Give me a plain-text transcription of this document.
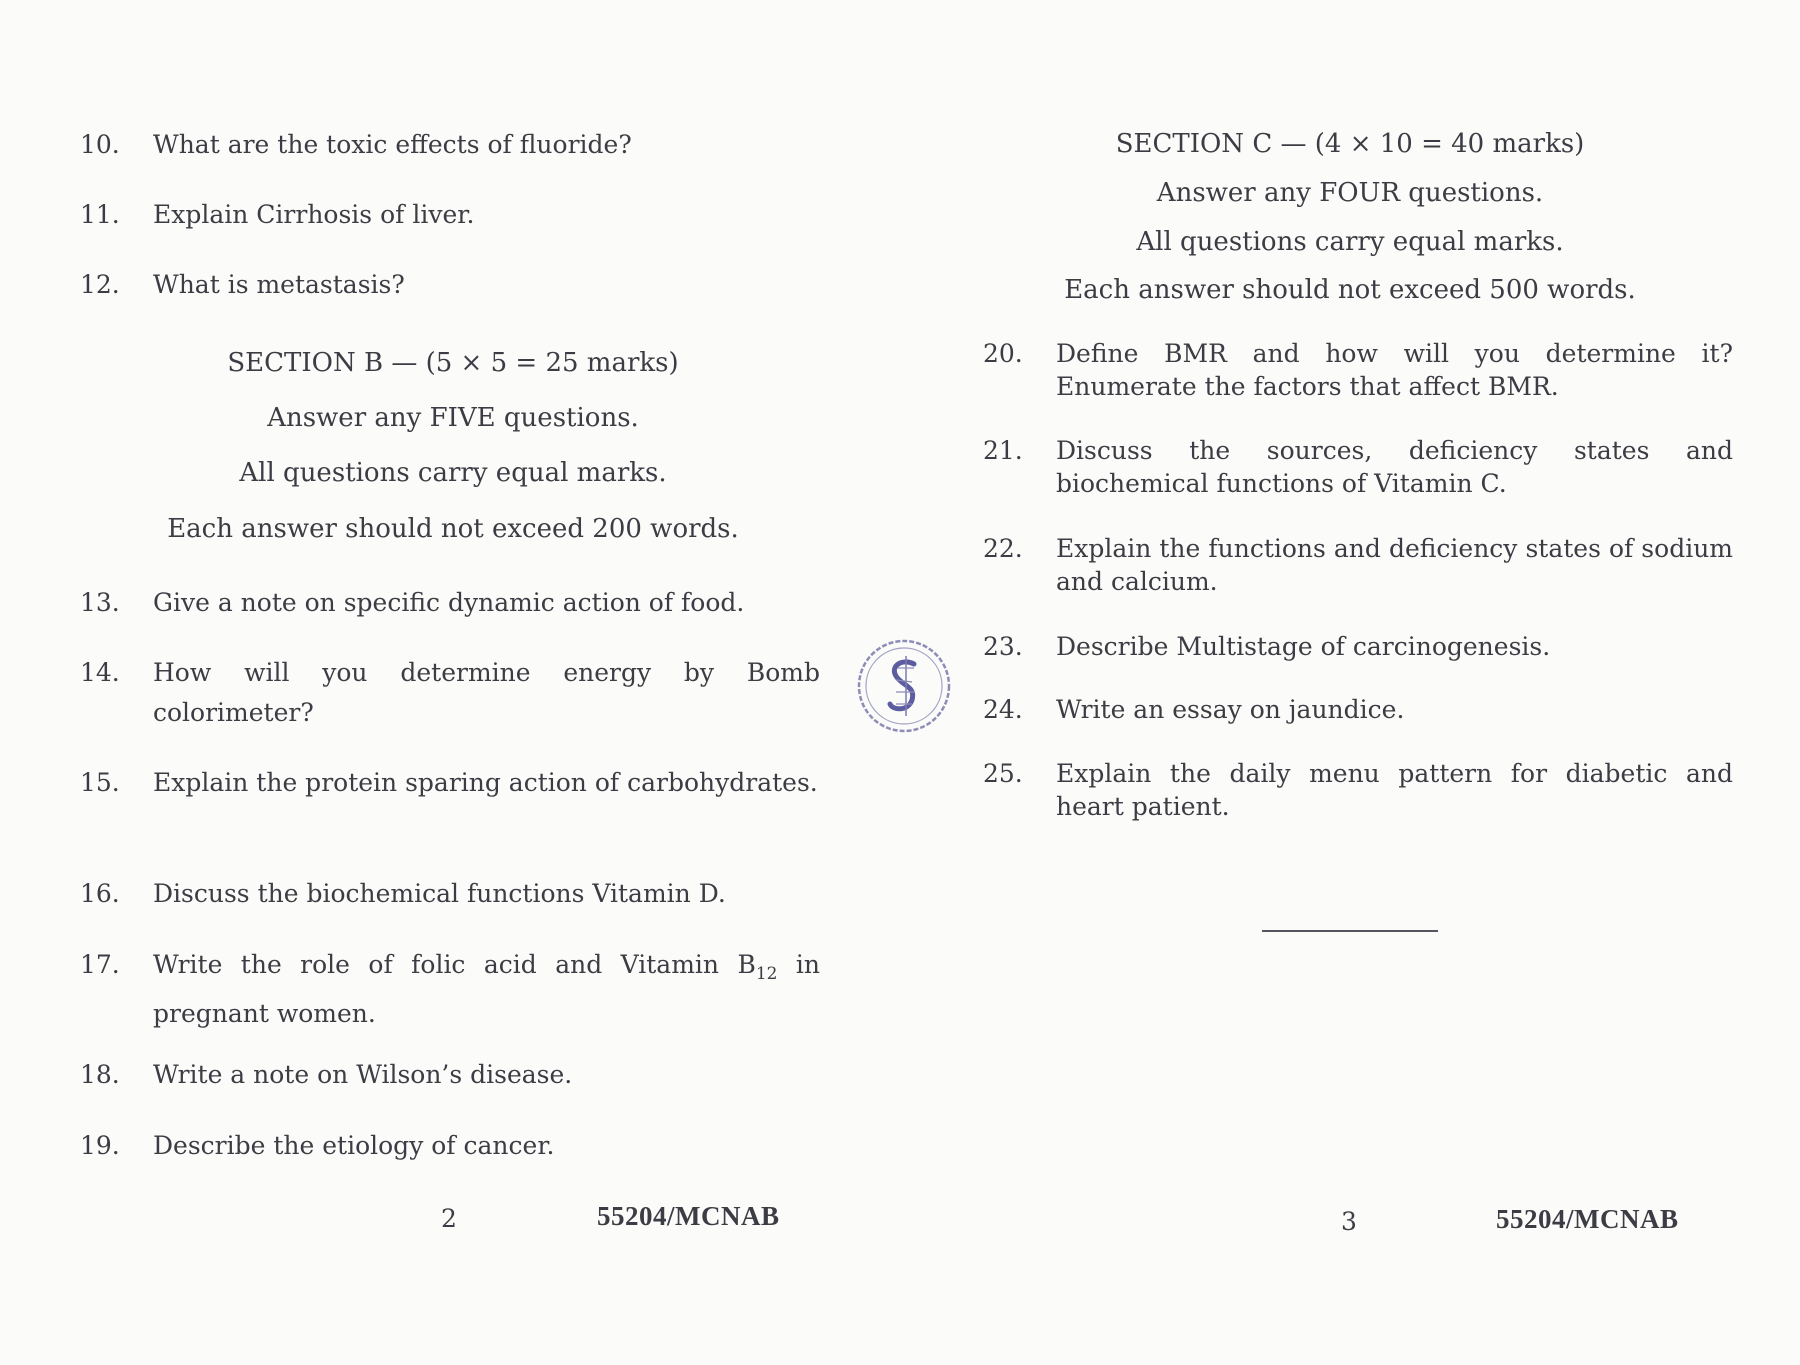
10.	What are the toxic effects of fluoride?
11.	Explain Cirrhosis of liver.
12.	What is metastasis?
SECTION B — (5 × 5 = 25 marks)
Answer any FIVE questions.
All questions carry equal marks.
Each answer should not exceed 200 words.
13.	Give a note on specific dynamic action of food.
14.	How will you determine energy by Bomb colorimeter?
15.	Explain the protein sparing action of carbohydrates.
16.	Discuss the biochemical functions Vitamin D.
17.	Write the role of folic acid and Vitamin $B_{12}$ in pregnant women.
18.	Write a note on Wilson’s disease.
19.	Describe the etiology of cancer.
2	55204/MCNAB
SECTION C — (4 × 10 = 40 marks)
Answer any FOUR questions.
All questions carry equal marks.
Each answer should not exceed 500 words.
20.	Define BMR and how will you determine it? Enumerate the factors that affect BMR.
21.	Discuss the sources, deficiency states and biochemical functions of Vitamin C.
22.	Explain the functions and deficiency states of sodium and calcium.
23.	Describe Multistage of carcinogenesis.
24.	Write an essay on jaundice.
25.	Explain the daily menu pattern for diabetic and heart patient.
3	55204/MCNAB
